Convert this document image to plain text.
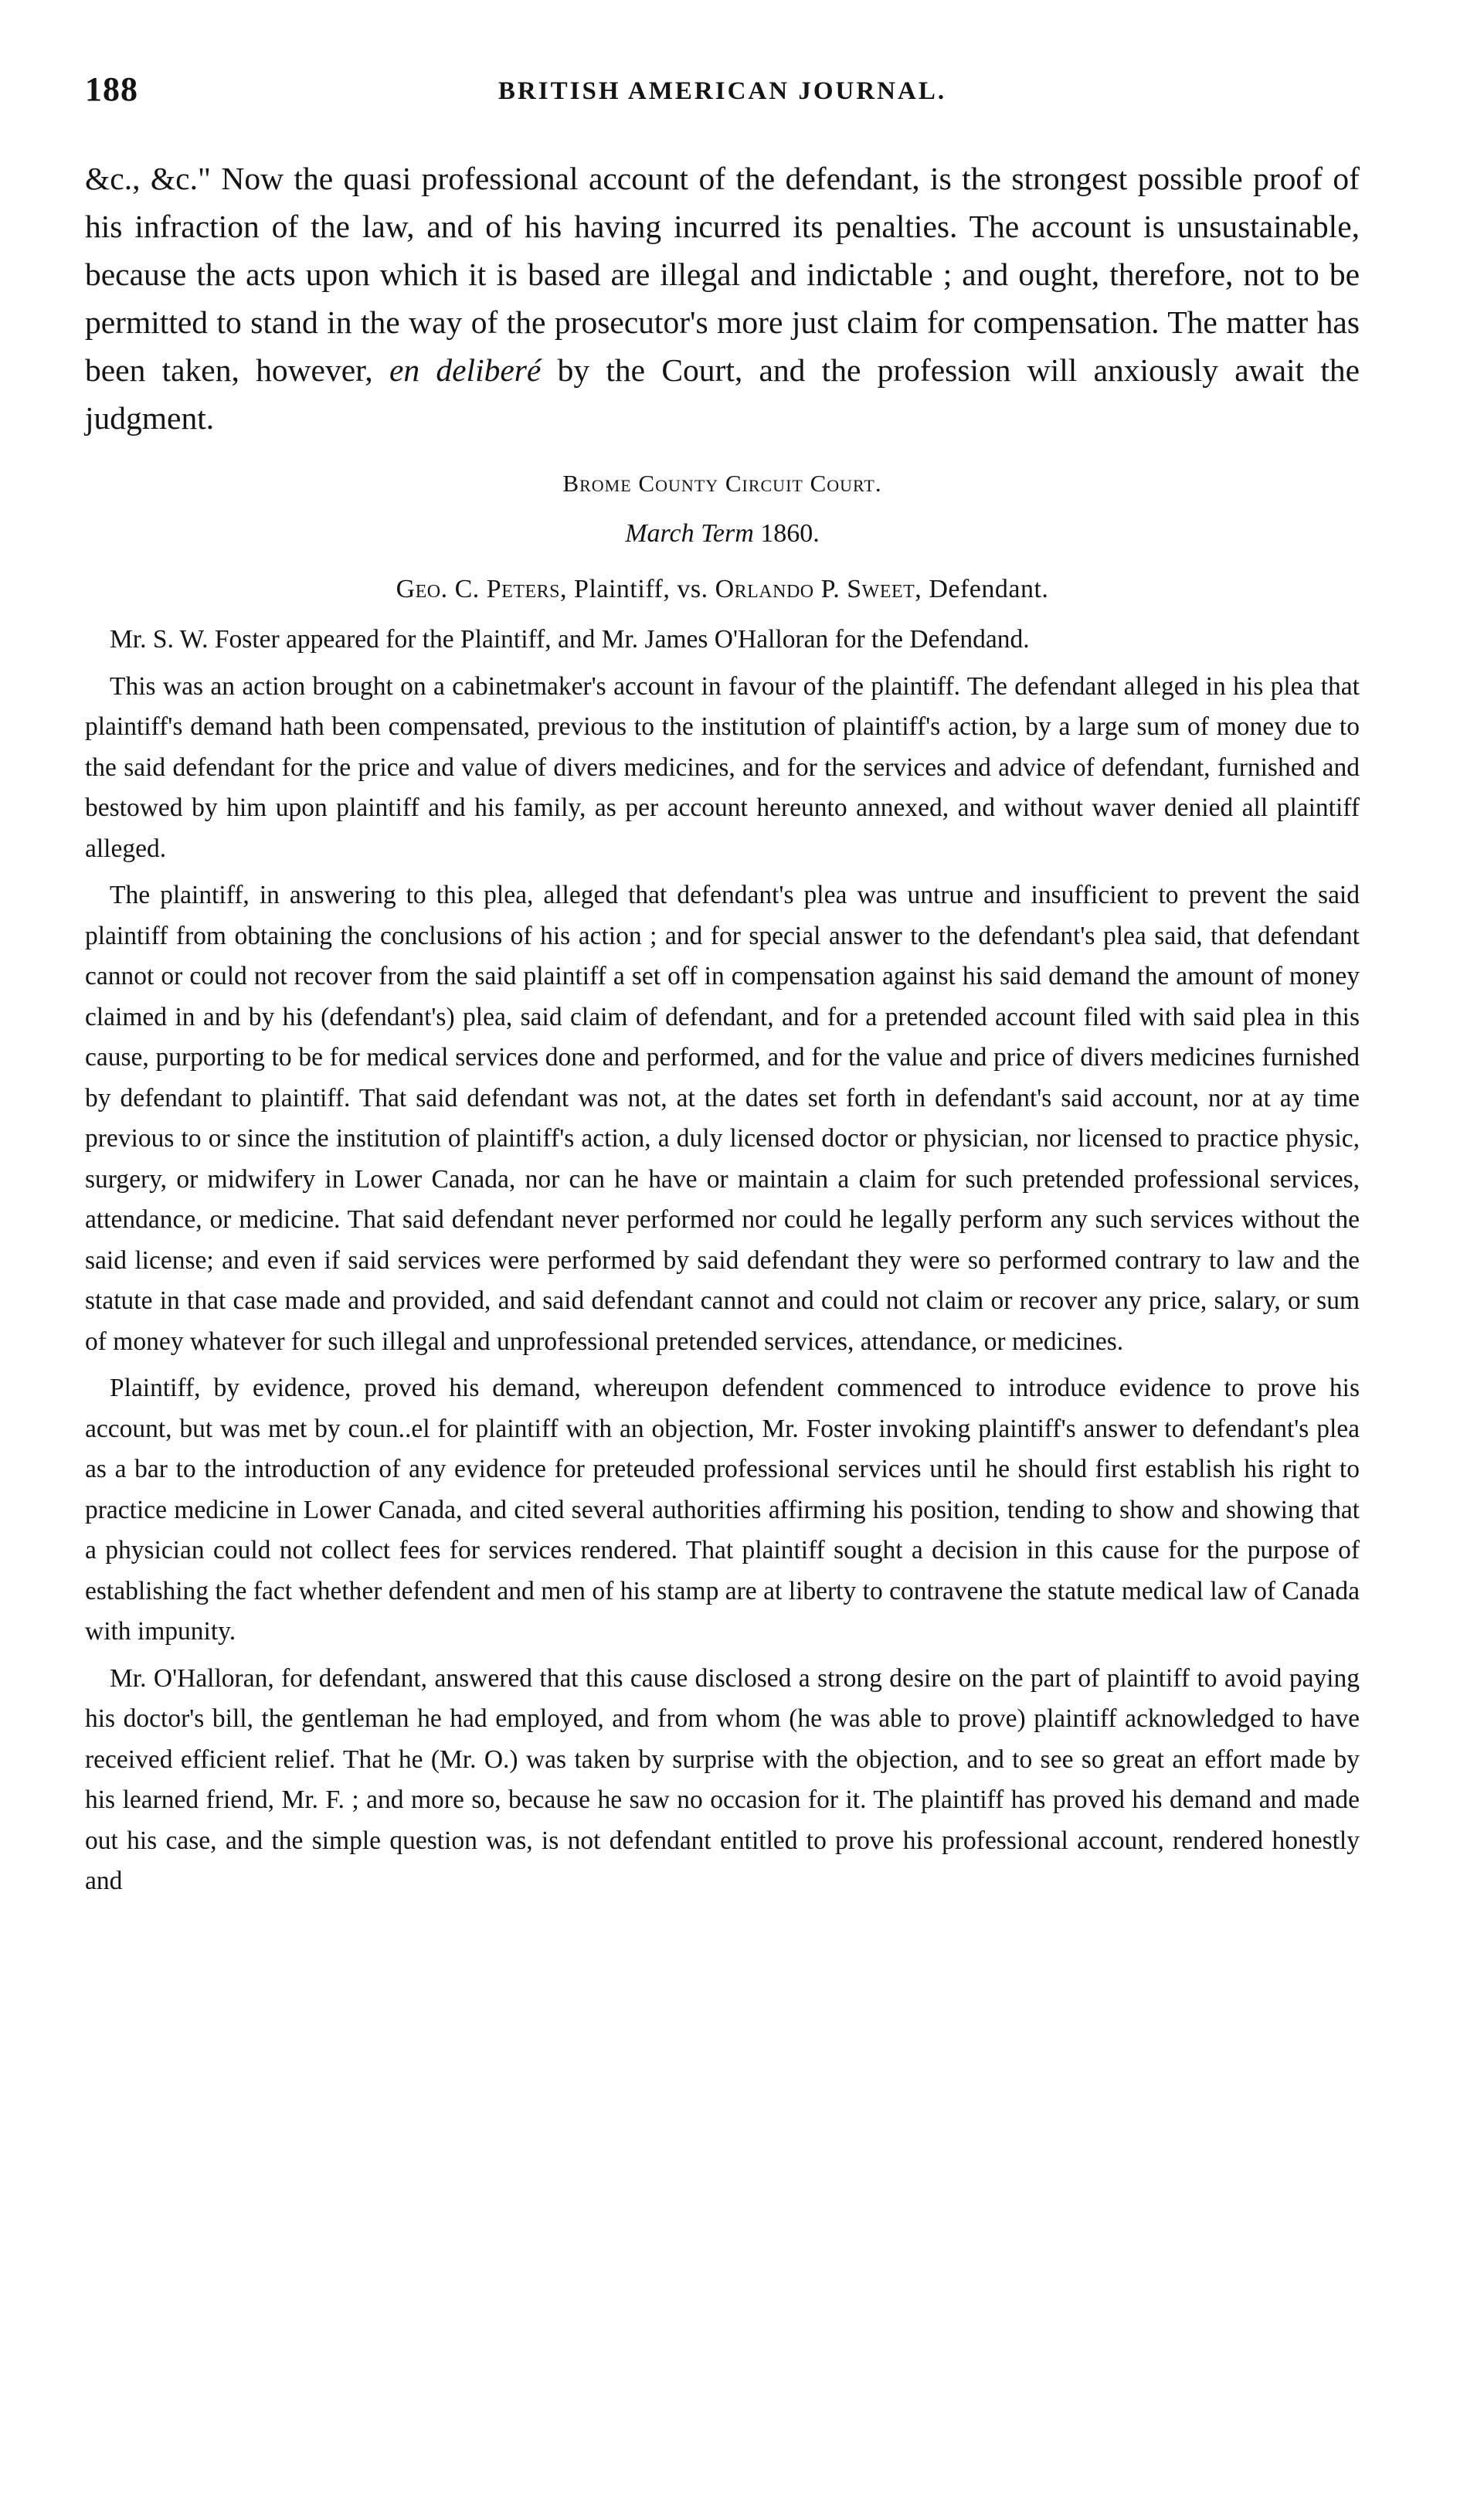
188	BRITISH AMERICAN JOURNAL.

&c., &c." Now the quasi professional account of the defendant, is the strongest possible proof of his infraction of the law, and of his having incurred its penalties. The account is unsustainable, because the acts upon which it is based are illegal and indictable ; and ought, therefore, not to be permitted to stand in the way of the prosecutor's more just claim for compensation. The matter has been taken, however, en deliberé by the Court, and the profession will anxiously await the judgment.

Brome County Circuit Court.

March Term 1860.

Geo. C. Peters, Plaintiff, vs. Orlando P. Sweet, Defendant.

Mr. S. W. Foster appeared for the Plaintiff, and Mr. James O'Halloran for the Defendand.

This was an action brought on a cabinetmaker's account in favour of the plaintiff. The defendant alleged in his plea that plaintiff's demand hath been compensated, previous to the institution of plaintiff's action, by a large sum of money due to the said defendant for the price and value of divers medicines, and for the services and advice of defendant, furnished and bestowed by him upon plaintiff and his family, as per account hereunto annexed, and without waver denied all plaintiff alleged.

The plaintiff, in answering to this plea, alleged that defendant's plea was untrue and insufficient to prevent the said plaintiff from obtaining the conclusions of his action ; and for special answer to the defendant's plea said, that defendant cannot or could not recover from the said plaintiff a set off in compensation against his said demand the amount of money claimed in and by his (defendant's) plea, said claim of defendant, and for a pretended account filed with said plea in this cause, purporting to be for medical services done and performed, and for the value and price of divers medicines furnished by defendant to plaintiff. That said defendant was not, at the dates set forth in defendant's said account, nor at ay time previous to or since the institution of plaintiff's action, a duly licensed doctor or physician, nor licensed to practice physic, surgery, or midwifery in Lower Canada, nor can he have or maintain a claim for such pretended professional services, attendance, or medicine. That said defendant never performed nor could he legally perform any such services without the said license; and even if said services were performed by said defendant they were so performed contrary to law and the statute in that case made and provided, and said defendant cannot and could not claim or recover any price, salary, or sum of money whatever for such illegal and unprofessional pretended services, attendance, or medicines.

Plaintiff, by evidence, proved his demand, whereupon defendent commenced to introduce evidence to prove his account, but was met by coun..el for plaintiff with an objection, Mr. Foster invoking plaintiff's answer to defendant's plea as a bar to the introduction of any evidence for preteuded professional services until he should first establish his right to practice medicine in Lower Canada, and cited several authorities affirming his position, tending to show and showing that a physician could not collect fees for services rendered. That plaintiff sought a decision in this cause for the purpose of establishing the fact whether defendent and men of his stamp are at liberty to contravene the statute medical law of Canada with impunity.

Mr. O'Halloran, for defendant, answered that this cause disclosed a strong desire on the part of plaintiff to avoid paying his doctor's bill, the gentleman he had employed, and from whom (he was able to prove) plaintiff acknowledged to have received efficient relief. That he (Mr. O.) was taken by surprise with the objection, and to see so great an effort made by his learned friend, Mr. F. ; and more so, because he saw no occasion for it. The plaintiff has proved his demand and made out his case, and the simple question was, is not defendant entitled to prove his professional account, rendered honestly and
